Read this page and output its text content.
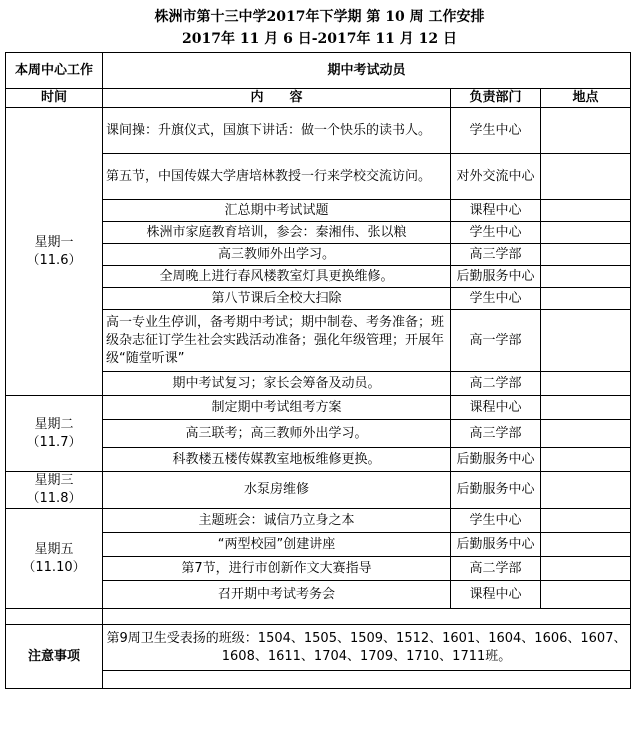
株洲市第十三中学2017年下学期 第 10 周 工作安排
2017年 11 月 6 日-2017年 11 月 12 日
本周中心工作	期中考试动员		
时间	内　　容	负责部门	地点

星期一
（11.6）	课间操：升旗仪式，国旗下讲话：做一个快乐的读书人。	学生中心	
	第五节，中国传媒大学唐培林教授一行来学校交流访问。	对外交流中心	
	汇总期中考试试题	课程中心	
	株洲市家庭教育培训，参会：秦湘伟、张以粮	学生中心	
	高三教师外出学习。	高三学部	
	全周晚上进行春风楼教室灯具更换维修。	后勤服务中心	
	第八节课后全校大扫除	学生中心	
	高一专业生停训，备考期中考试；期中制卷、考务准备；班级杂志征订学生社会实践活动准备；强化年级管理；开展年级“随堂听课”	高一学部	
	期中考试复习；家长会筹备及动员。	高二学部	

星期二
（11.7）	制定期中考试组考方案	课程中心	
	高三联考；高三教师外出学习。	高三学部	
	科教楼五楼传媒教室地板维修更换。	后勤服务中心	

星期三
（11.8）	水泵房维修	后勤服务中心	

星期五
（11.10）	主题班会：诚信乃立身之本	学生中心	
	“两型校园”创建讲座	后勤服务中心	
	第7节，进行市创新作文大赛指导	高二学部	
	召开期中考试考务会	课程中心	

注意事项	第9周卫生受表扬的班级：1504、1505、1509、1512、1601、1604、1606、1607、1608、1611、1704、1709、1710、1711班。		
